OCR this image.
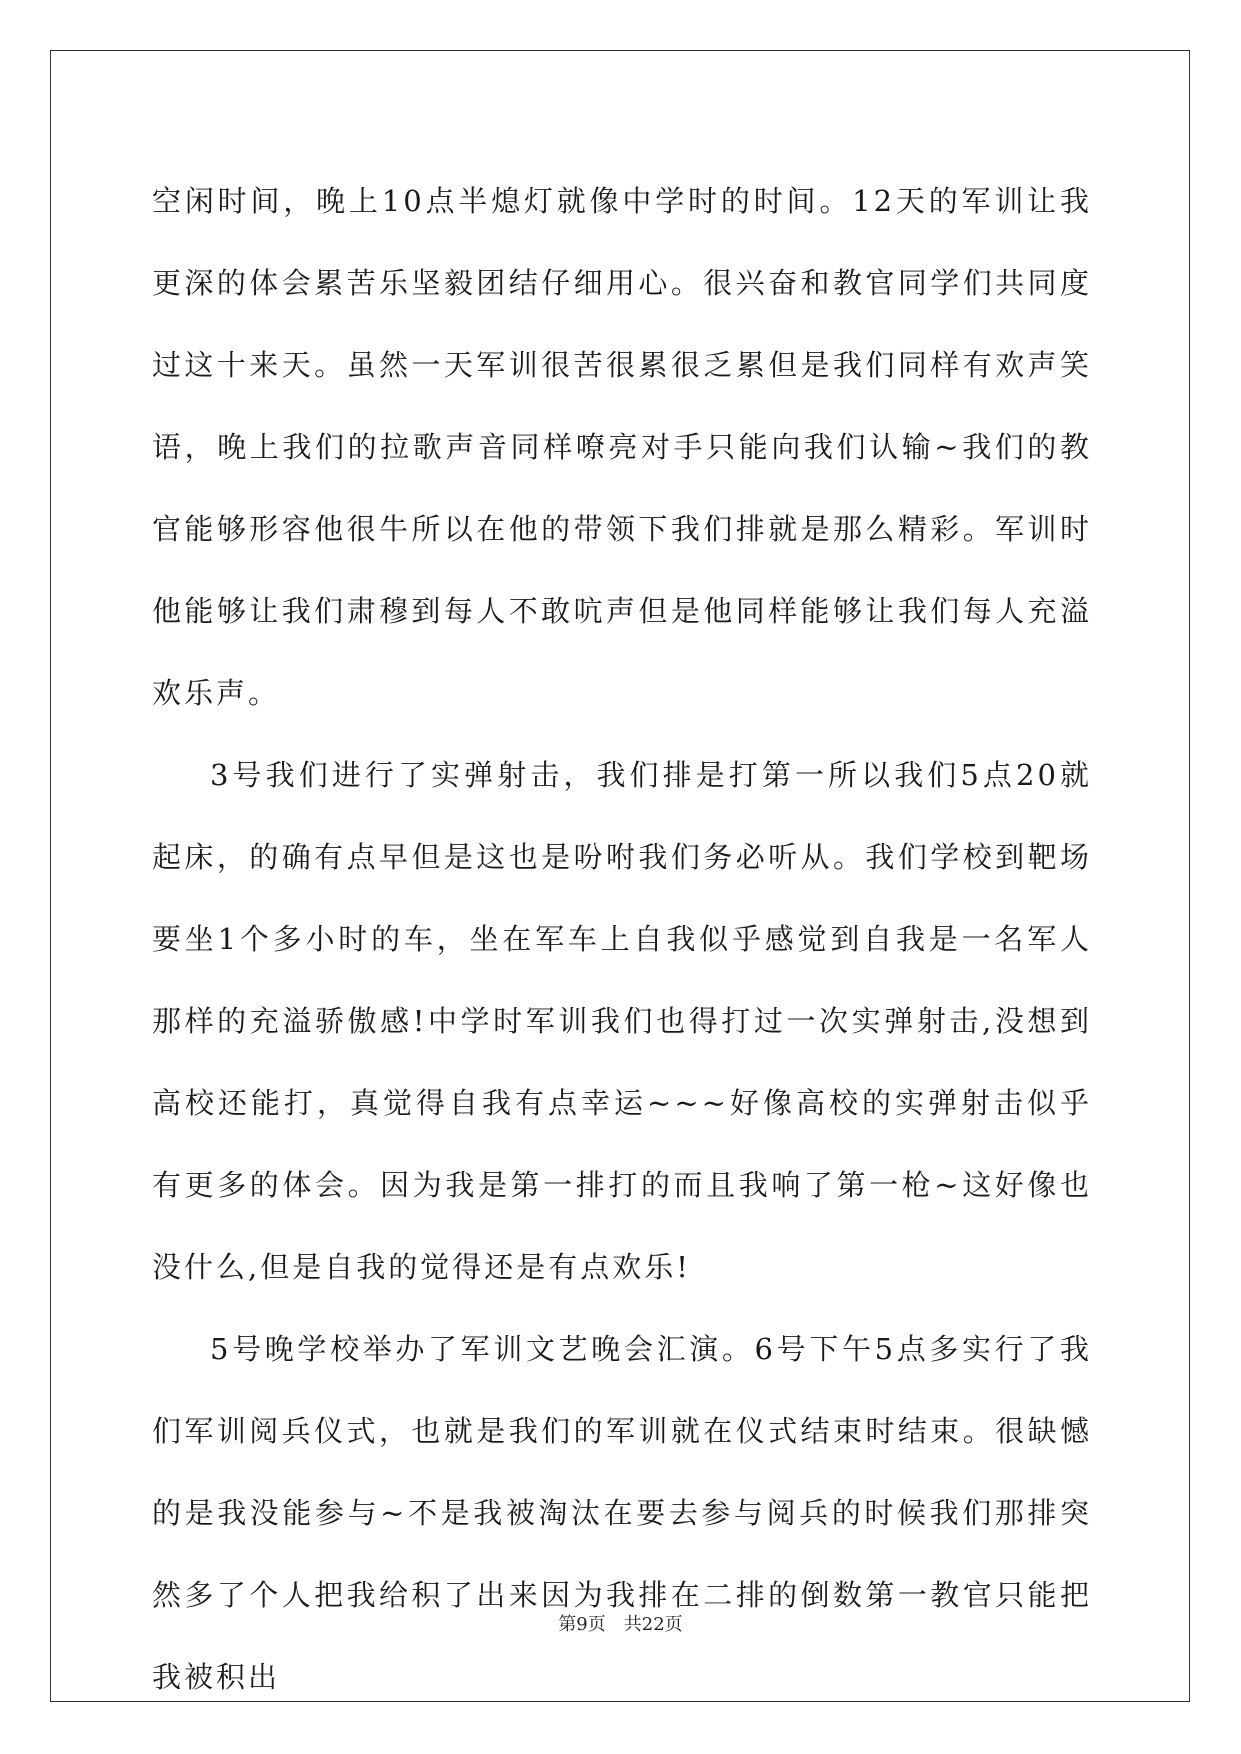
空闲时间，晚上10点半熄灯就像中学时的时间。12天的军训让我更深的体会累苦乐坚毅团结仔细用心。很兴奋和教官同学们共同度过这十来天。虽然一天军训很苦很累很乏累但是我们同样有欢声笑语，晚上我们的拉歌声音同样嘹亮对手只能向我们认输~我们的教官能够形容他很牛所以在他的带领下我们排就是那么精彩。军训时他能够让我们肃穆到每人不敢吭声但是他同样能够让我们每人充溢欢乐声。

3号我们进行了实弹射击，我们排是打第一所以我们5点20就起床，的确有点早但是这也是吩咐我们务必听从。我们学校到靶场要坐1个多小时的车，坐在军车上自我似乎感觉到自我是一名军人那样的充溢骄傲感!中学时军训我们也得打过一次实弹射击,没想到高校还能打，真觉得自我有点幸运~~~好像高校的实弹射击似乎有更多的体会。因为我是第一排打的而且我响了第一枪~这好像也没什么,但是自我的觉得还是有点欢乐!

5号晚学校举办了军训文艺晚会汇演。6号下午5点多实行了我们军训阅兵仪式，也就是我们的军训就在仪式结束时结束。很缺憾的是我没能参与~不是我被淘汰在要去参与阅兵的时候我们那排突然多了个人把我给积了出来因为我排在二排的倒数第一教官只能把我被积出

第9页 共22页
